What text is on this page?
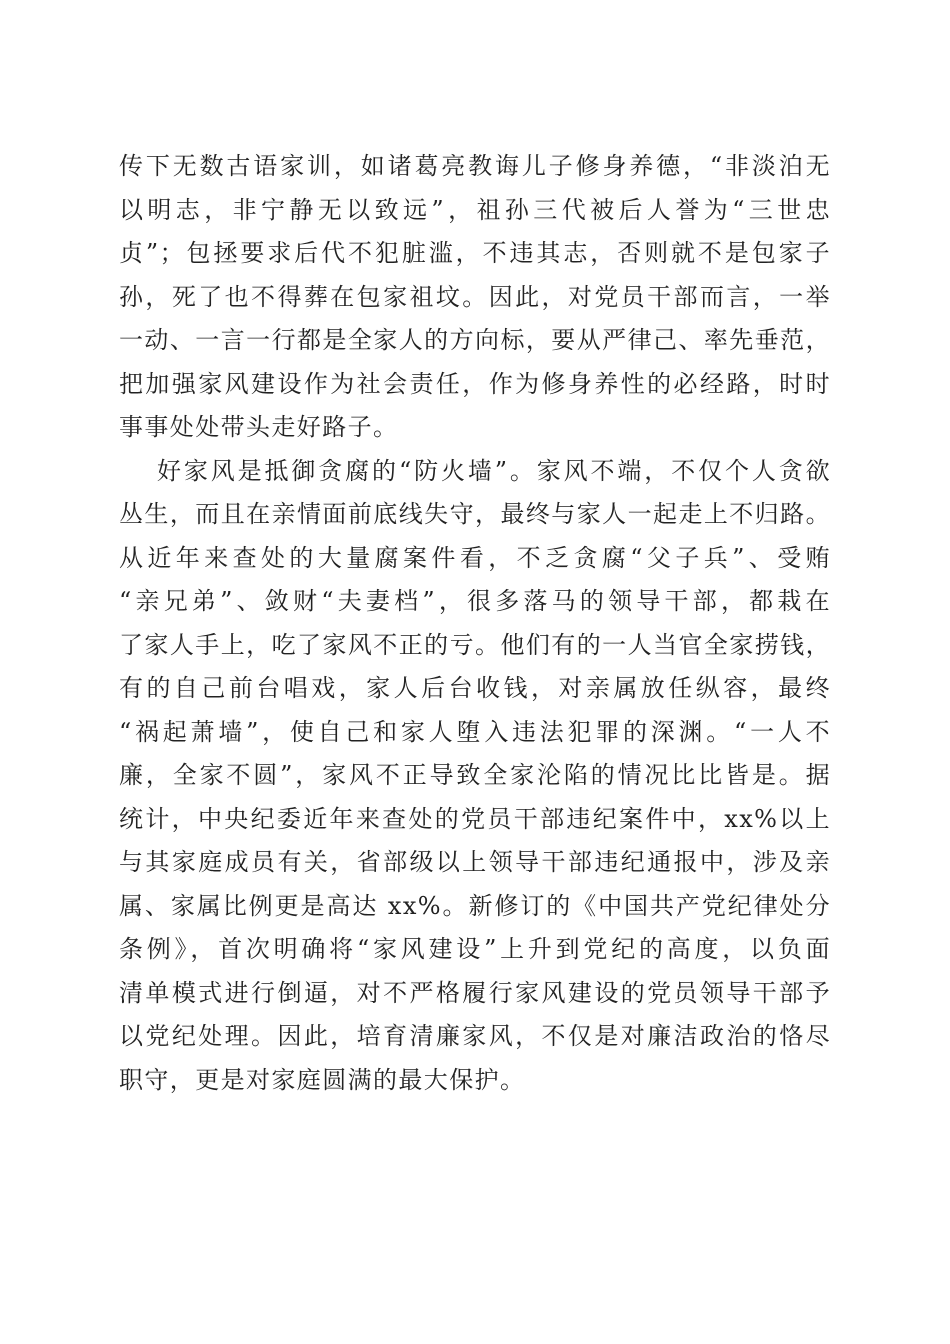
传下无数古语家训，如诸葛亮教诲儿子修身养德，“非淡泊无
以明志，非宁静无以致远”，祖孙三代被后人誉为“三世忠
贞”；包拯要求后代不犯脏滥，不违其志，否则就不是包家子
孙，死了也不得葬在包家祖坟。因此，对党员干部而言，一举
一动、一言一行都是全家人的方向标，要从严律己、率先垂范，
把加强家风建设作为社会责任，作为修身养性的必经路，时时
事事处处带头走好路子。

好家风是抵御贪腐的“防火墙”。家风不端，不仅个人贪欲
丛生，而且在亲情面前底线失守，最终与家人一起走上不归路。
从近年来查处的大量腐案件看，不乏贪腐“父子兵”、受贿
“亲兄弟”、敛财“夫妻档”，很多落马的领导干部，都栽在
了家人手上，吃了家风不正的亏。他们有的一人当官全家捞钱，
有的自己前台唱戏，家人后台收钱，对亲属放任纵容，最终
“祸起萧墙”，使自己和家人堕入违法犯罪的深渊。“一人不
廉，全家不圆”，家风不正导致全家沦陷的情况比比皆是。据
统计，中央纪委近年来查处的党员干部违纪案件中，xx%以上
与其家庭成员有关，省部级以上领导干部违纪通报中，涉及亲
属、家属比例更是高达 xx%。新修订的《中国共产党纪律处分
条例》，首次明确将“家风建设”上升到党纪的高度，以负面
清单模式进行倒逼，对不严格履行家风建设的党员领导干部予
以党纪处理。因此，培育清廉家风，不仅是对廉洁政治的恪尽
职守，更是对家庭圆满的最大保护。
